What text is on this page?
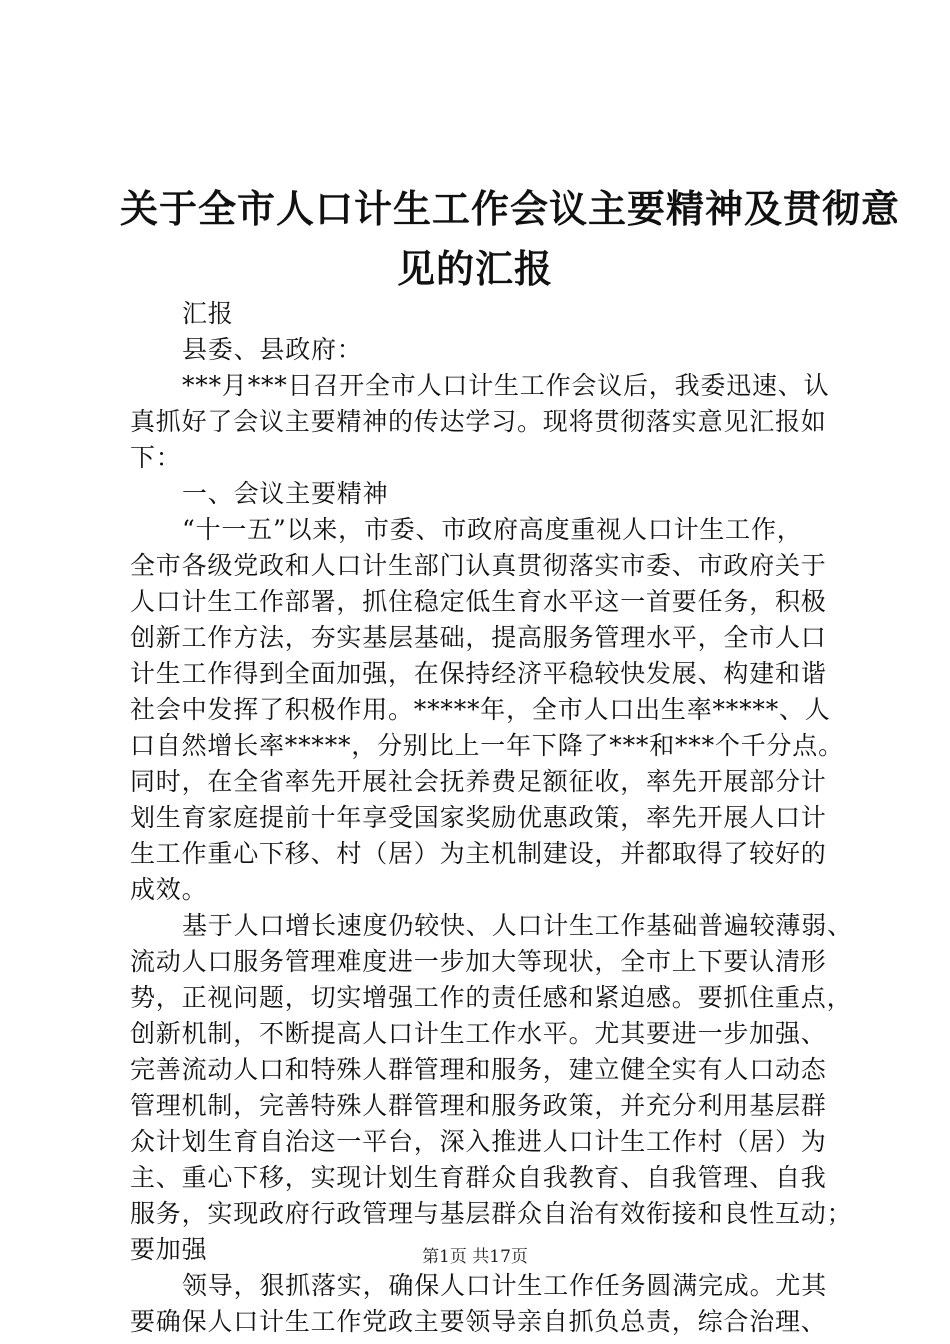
关于全市人口计生工作会议主要精神及贯彻意
见的汇报
汇报
县委、县政府：
***月***日召开全市人口计生工作会议后，我委迅速、认
真抓好了会议主要精神的传达学习。现将贯彻落实意见汇报如
下：
一、会议主要精神
“十一五”以来，市委、市政府高度重视人口计生工作，
全市各级党政和人口计生部门认真贯彻落实市委、市政府关于
人口计生工作部署，抓住稳定低生育水平这一首要任务，积极
创新工作方法，夯实基层基础，提高服务管理水平，全市人口
计生工作得到全面加强，在保持经济平稳较快发展、构建和谐
社会中发挥了积极作用。*****年，全市人口出生率*****、人
口自然增长率*****，分别比上一年下降了***和***个千分点。
同时，在全省率先开展社会抚养费足额征收，率先开展部分计
划生育家庭提前十年享受国家奖励优惠政策，率先开展人口计
生工作重心下移、村（居）为主机制建设，并都取得了较好的
成效。
基于人口增长速度仍较快、人口计生工作基础普遍较薄弱、
流动人口服务管理难度进一步加大等现状，全市上下要认清形
势，正视问题，切实增强工作的责任感和紧迫感。要抓住重点，
创新机制，不断提高人口计生工作水平。尤其要进一步加强、
完善流动人口和特殊人群管理和服务，建立健全实有人口动态
管理机制，完善特殊人群管理和服务政策，并充分利用基层群
众计划生育自治这一平台，深入推进人口计生工作村（居）为
主、重心下移，实现计划生育群众自我教育、自我管理、自我
服务，实现政府行政管理与基层群众自治有效衔接和良性互动；
要加强
领导，狠抓落实，确保人口计生工作任务圆满完成。尤其
要确保人口计生工作党政主要领导亲自抓负总责，综合治理、
第1页 共17页
